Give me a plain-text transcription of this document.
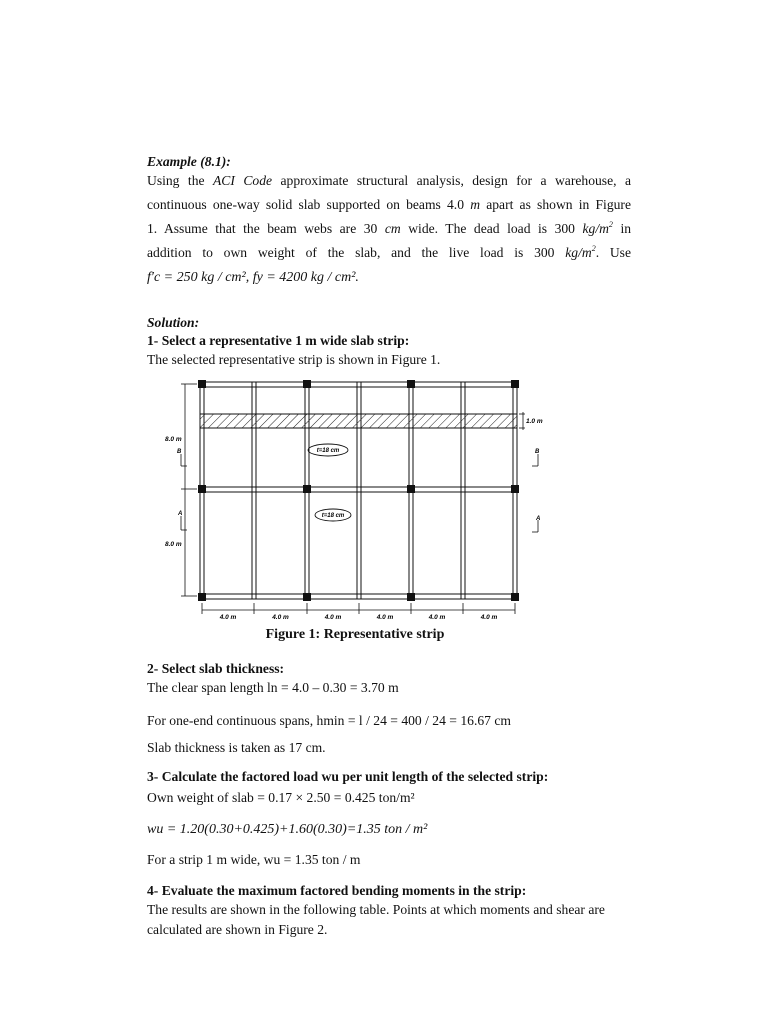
Example (8.1):
Using the ACI Code approximate structural analysis, design for a warehouse, a
continuous one-way solid slab supported on beams 4.0 m apart as shown in Figure
1. Assume that the beam webs are 30 cm wide. The dead load is 300 $kg/m^2$ in
addition to own weight of the slab, and the live load is 300 $kg/m^2$. Use
f′c = 250 kg / cm², fy = 4200 kg / cm².
Solution:
1- Select a representative 1 m wide slab strip:
The selected representative strip is shown in Figure 1.
1.0 m
t=18 cm
t=18 cm
8.0 m
8.0 m
B	B
A
A
4.0 m	4.0 m	4.0 m	4.0 m	4.0 m	4.0 m
Figure 1: Representative strip
2- Select slab thickness:
The clear span length ln = 4.0 – 0.30 = 3.70 m
For one-end continuous spans, hmin = l / 24 = 400 / 24 = 16.67 cm
Slab thickness is taken as 17 cm.
3- Calculate the factored load wu per unit length of the selected strip:
Own weight of slab = 0.17 × 2.50 = 0.425 ton/m²
wu = 1.20(0.30+0.425)+1.60(0.30)=1.35 ton / m²
For a strip 1 m wide, wu = 1.35 ton / m
4- Evaluate the maximum factored bending moments in the strip:
The results are shown in the following table. Points at which moments and shear are
calculated are shown in Figure 2.
